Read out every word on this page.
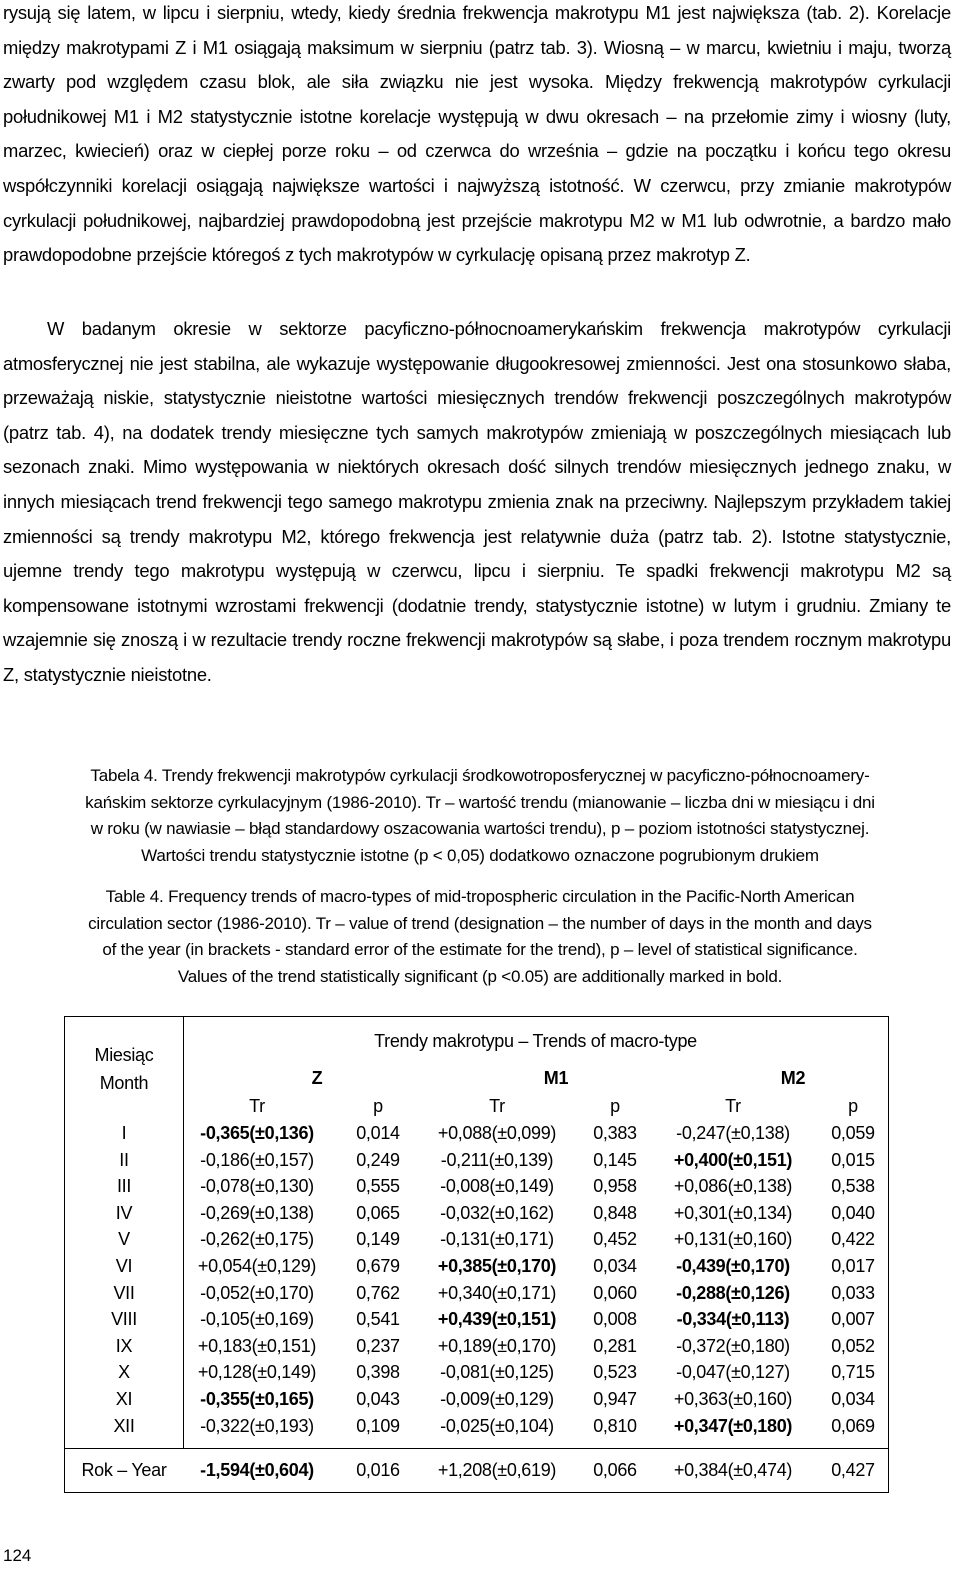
rysują się latem, w lipcu i sierpniu, wtedy, kiedy średnia frekwencja makrotypu M1 jest największa (tab. 2). Korelacje między makrotypami Z i M1 osiągają maksimum w sierpniu (patrz tab. 3). Wiosną – w marcu, kwietniu i maju, tworzą zwarty pod względem czasu blok, ale siła związku nie jest wysoka. Między frekwencją makrotypów cyrkulacji południkowej M1 i M2 statystycznie istotne korelacje występują w dwu okresach – na przełomie zimy i wiosny (luty, marzec, kwiecień) oraz w ciepłej porze roku – od czerwca do września – gdzie na początku i końcu tego okresu współczynniki korelacji osiągają największe wartości i najwyższą istotność. W czerwcu, przy zmianie makrotypów cyrkulacji południkowej, najbardziej prawdopodobną jest przejście makrotypu M2 w M1 lub odwrotnie, a bardzo mało prawdopodobne przejście któregoś z tych makrotypów w cyrkulację opisaną przez makrotyp Z.
W badanym okresie w sektorze pacyficzno-północnoamerykańskim frekwencja makrotypów cyrkulacji atmosferycznej nie jest stabilna, ale wykazuje występowanie długookresowej zmienności. Jest ona stosunkowo słaba, przeważają niskie, statystycznie nieistotne wartości miesięcznych trendów frekwencji poszczególnych makrotypów (patrz tab. 4), na dodatek trendy miesięczne tych samych makrotypów zmieniają w poszczególnych miesiącach lub sezonach znaki. Mimo występowania w niektórych okresach dość silnych trendów miesięcznych jednego znaku, w innych miesiącach trend frekwencji tego samego makrotypu zmienia znak na przeciwny. Najlepszym przykładem takiej zmienności są trendy makrotypu M2, którego frekwencja jest relatywnie duża (patrz tab. 2). Istotne statystycznie, ujemne trendy tego makrotypu występują w czerwcu, lipcu i sierpniu. Te spadki frekwencji makrotypu M2 są kompensowane istotnymi wzrostami frekwencji (dodatnie trendy, statystycznie istotne) w lutym i grudniu. Zmiany te wzajemnie się znoszą i w rezultacie trendy roczne frekwencji makrotypów są słabe, i poza trendem rocznym makrotypu Z, statystycznie nieistotne.
Tabela 4. Trendy frekwencji makrotypów cyrkulacji środkowotroposferycznej w pacyficzno-północnoamery-
kańskim sektorze cyrkulacyjnym (1986-2010). Tr – wartość trendu (mianowanie – liczba dni w miesiącu i dni
w roku (w nawiasie – błąd standardowy oszacowania wartości trendu), p – poziom istotności statystycznej.
Wartości trendu statystycznie istotne (p < 0,05) dodatkowo oznaczone pogrubionym drukiem
Table 4. Frequency trends of macro-types of mid-tropospheric circulation in the Pacific-North American
circulation sector (1986-2010). Tr – value of trend (designation – the number of days in the month and days
of the year (in brackets - standard error of the estimate for the trend), p – level of statistical significance.
Values of the trend statistically significant (p <0.05) are additionally marked in bold.
Miesiąc
Month
Trendy makrotypu – Trends of macro-type
Z	M1	M2
Tr	p	Tr	p	Tr	p
I	-0,365(±0,136)	0,014	+0,088(±0,099)	0,383	-0,247(±0,138)	0,059
II	-0,186(±0,157)	0,249	-0,211(±0,139)	0,145	+0,400(±0,151)	0,015
III	-0,078(±0,130)	0,555	-0,008(±0,149)	0,958	+0,086(±0,138)	0,538
IV	-0,269(±0,138)	0,065	-0,032(±0,162)	0,848	+0,301(±0,134)	0,040
V	-0,262(±0,175)	0,149	-0,131(±0,171)	0,452	+0,131(±0,160)	0,422
VI	+0,054(±0,129)	0,679	+0,385(±0,170)	0,034	-0,439(±0,170)	0,017
VII	-0,052(±0,170)	0,762	+0,340(±0,171)	0,060	-0,288(±0,126)	0,033
VIII	-0,105(±0,169)	0,541	+0,439(±0,151)	0,008	-0,334(±0,113)	0,007
IX	+0,183(±0,151)	0,237	+0,189(±0,170)	0,281	-0,372(±0,180)	0,052
X	+0,128(±0,149)	0,398	-0,081(±0,125)	0,523	-0,047(±0,127)	0,715
XI	-0,355(±0,165)	0,043	-0,009(±0,129)	0,947	+0,363(±0,160)	0,034
XII	-0,322(±0,193)	0,109	-0,025(±0,104)	0,810	+0,347(±0,180)	0,069
Rok – Year	-1,594(±0,604)	0,016	+1,208(±0,619)	0,066	+0,384(±0,474)	0,427
124
